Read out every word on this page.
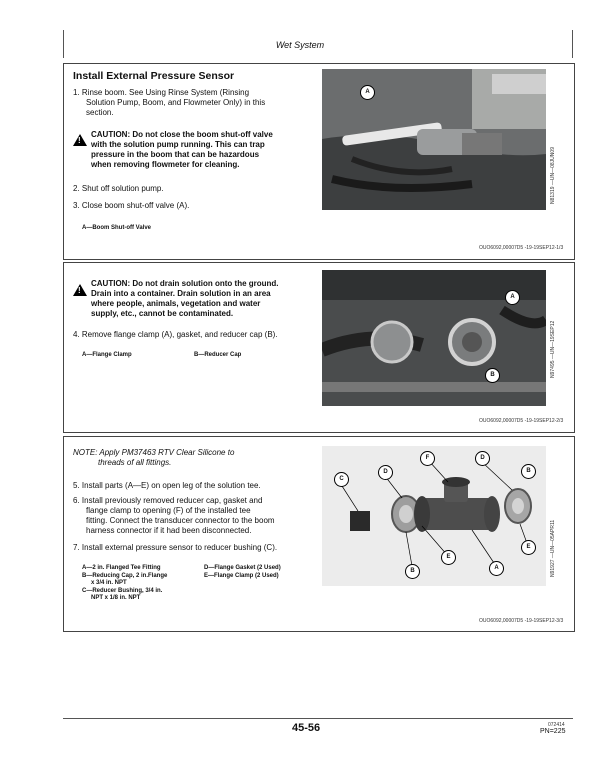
Wet System
Install External Pressure Sensor
1. Rinse boom. See Using Rinse System (Rinsing
Solution Pump, Boom, and Flowmeter Only) in this
section.
!
CAUTION: Do not close the boom shut-off valve
with the solution pump running. This can trap
pressure in the boom that can be hazardous
when removing flowmeter for cleaning.
2. Shut off solution pump.
3. Close boom shut-off valve (A).
A—Boom Shut-off Valve
A
N81319 —UN—08JUN09
OUO6092,00007D5 -19-19SEP12-1/3
!
CAUTION: Do not drain solution onto the ground.
Drain into a container. Drain solution in an area
where people, animals, vegetation and water
supply, etc., cannot be contaminated.
4. Remove flange clamp (A), gasket, and reducer cap (B).
A—Flange Clamp	B—Reducer Cap
A
B	N97495 —UN—19SEP12
OUO6092,00007D5 -19-19SEP12-2/3
NOTE: Apply PM37463 RTV Clear Silicone to
threads of all fittings.
5. Install parts (A—E) on open leg of the solution tee.
6. Install previously removed reducer cap, gasket and
flange clamp to opening (F) of the installed tee
fitting. Connect the transducer connector to the boom
harness connector if it had been disconnected.
7. Install external pressure sensor to reducer bushing (C).
A—2 in. Flanged Tee Fitting
B—Reducing Cap, 2 in.Flange
x 3/4 in. NPT
C—Reducer Bushing, 3/4 in.
NPT x 1/8 in. NPT
D—Flange Gasket (2 Used)
E—Flange Clamp (2 Used)
C
D
F	D
B
E
A
E
B
N91927 —UN—05APR11
OUO6092,00007D5 -19-19SEP12-3/3
45-56	072414
PN=225
